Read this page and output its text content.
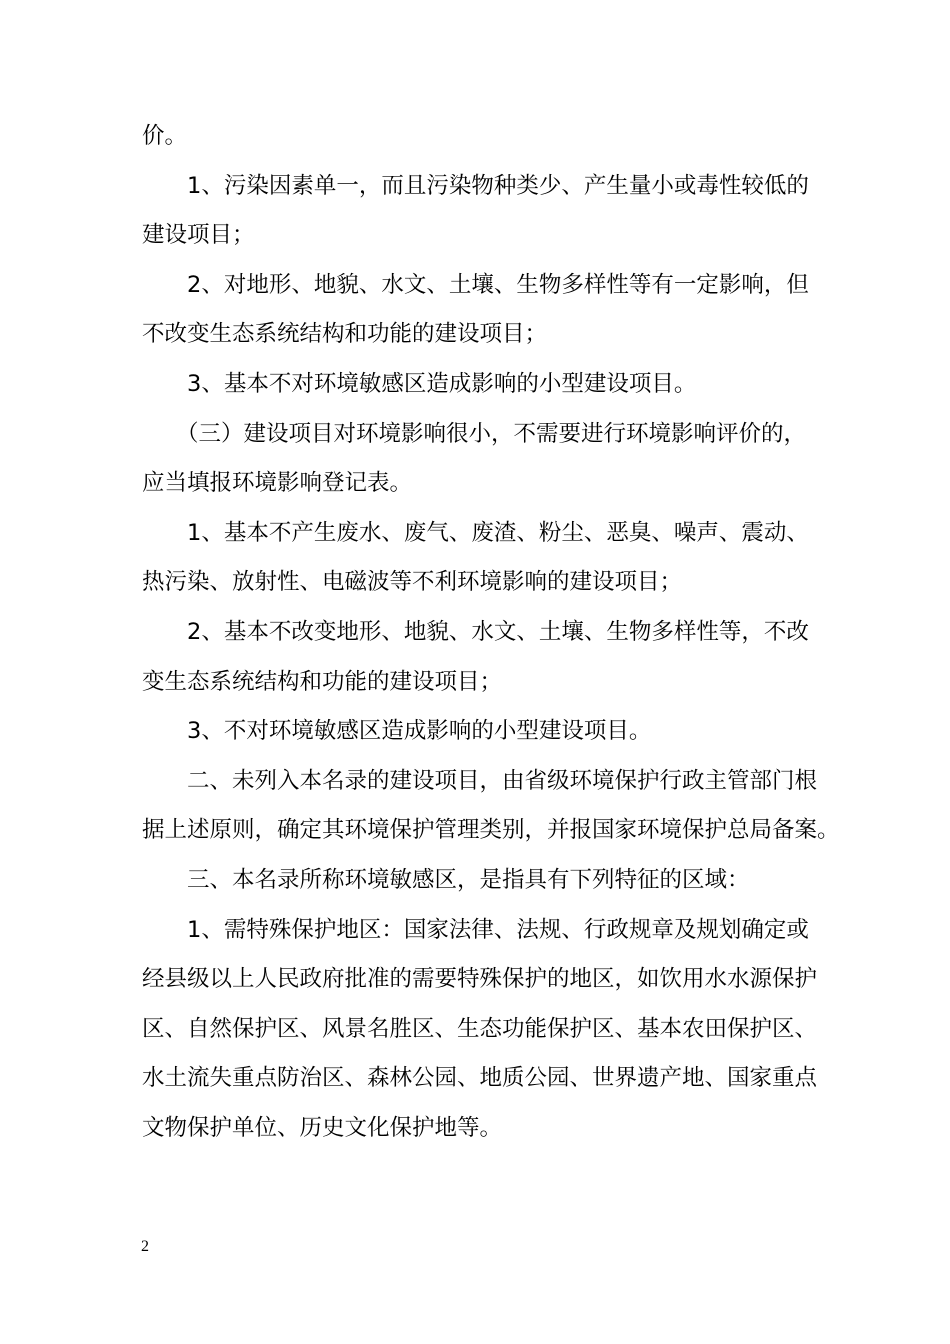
价。
1、污染因素单一，而且污染物种类少、产生量小或毒性较低的
建设项目；
2、对地形、地貌、水文、土壤、生物多样性等有一定影响，但
不改变生态系统结构和功能的建设项目；
3、基本不对环境敏感区造成影响的小型建设项目。
（三）建设项目对环境影响很小，不需要进行环境影响评价的，
应当填报环境影响登记表。
1、基本不产生废水、废气、废渣、粉尘、恶臭、噪声、震动、
热污染、放射性、电磁波等不利环境影响的建设项目；
2、基本不改变地形、地貌、水文、土壤、生物多样性等，不改
变生态系统结构和功能的建设项目；
3、不对环境敏感区造成影响的小型建设项目。
二、未列入本名录的建设项目，由省级环境保护行政主管部门根
据上述原则，确定其环境保护管理类别，并报国家环境保护总局备案。
三、本名录所称环境敏感区，是指具有下列特征的区域：
1、需特殊保护地区：国家法律、法规、行政规章及规划确定或
经县级以上人民政府批准的需要特殊保护的地区，如饮用水水源保护
区、自然保护区、风景名胜区、生态功能保护区、基本农田保护区、
水土流失重点防治区、森林公园、地质公园、世界遗产地、国家重点
文物保护单位、历史文化保护地等。
2
